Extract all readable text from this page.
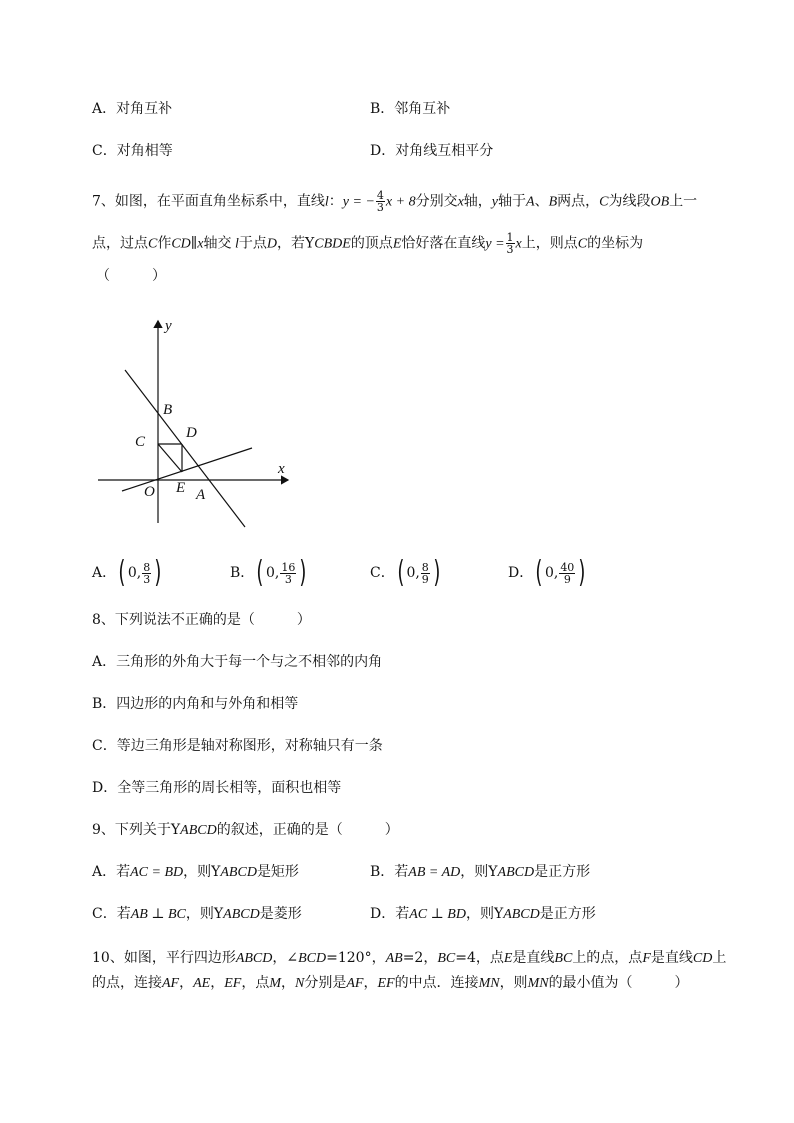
A．对角互补	B．邻角互补
C．对角相等	D．对角线互相平分
7、如图，在平面直角坐标系中，直线l：y = − $\frac{4}{3}$ x + 8分别交x轴，y轴于A、B两点，C为线段OB上一
点，过点C作CD∥x轴交 l于点D，若YCBDE的顶点E恰好落在直线$y = \frac{1}{3}$ x上，则点C的坐标为
（　　　）
y
x
B
C
D
O E A
A． ( 0, $\frac{8}{3}$ )	B． ( 0, $\frac{16}{3}$ )	C． ( 0, $\frac{8}{9}$ )	D． ( 0, $\frac{40}{9}$ )
8、下列说法不正确的是（　　　）
A．三角形的外角大于每一个与之不相邻的内角
B．四边形的内角和与外角和相等
C．等边三角形是轴对称图形，对称轴只有一条
D．全等三角形的周长相等，面积也相等
9、下列关于YABCD的叙述，正确的是（　　　）
A．若AC = BD，则YABCD是矩形	B．若AB = AD，则YABCD是正方形
C．若AB ⊥ BC，则YABCD是菱形	D．若AC ⊥ BD，则YABCD是正方形
10、如图，平行四边形ABCD，∠BCD=120°，AB=2，BC=4，点E是直线BC上的点，点F是直线CD上
的点，连接AF，AE，EF，点M，N分别是AF，EF的中点．连接MN，则MN的最小值为（　　　）
